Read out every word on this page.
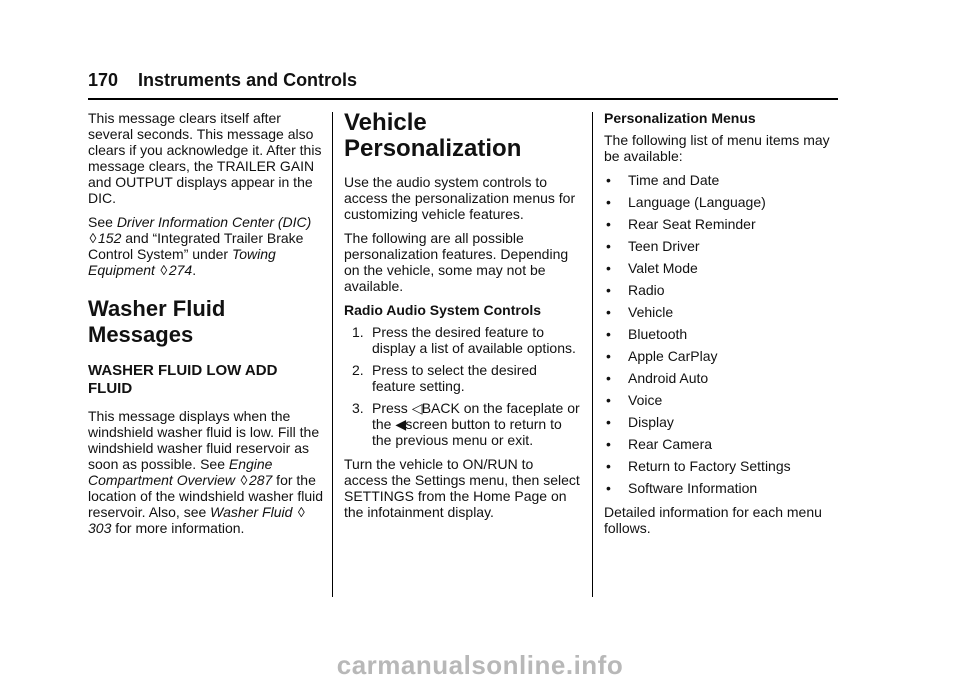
170 Instruments and Controls

This message clears itself after several seconds. This message also clears if you acknowledge it. After this message clears, the TRAILER GAIN and OUTPUT displays appear in the DIC.

See Driver Information Center (DIC)
◊ 152 and “Integrated Trailer Brake Control System” under Towing Equipment ◊ 274.

Washer Fluid Messages
WASHER FLUID LOW ADD FLUID

This message displays when the windshield washer fluid is low. Fill the windshield washer fluid reservoir as soon as possible. See Engine Compartment Overview ◊ 287 for the location of the windshield washer fluid reservoir. Also, see Washer Fluid ◊303 for more information.

Vehicle Personalization

Use the audio system controls to access the personalization menus for customizing vehicle features.

The following are all possible personalization features. Depending on the vehicle, some may not be available.

Radio Audio System Controls

1. Press the desired feature to display a list of available options.
2. Press to select the desired feature setting.
3. Press ◁BACK on the faceplate or the ◀screen button to return to the previous menu or exit.

Turn the vehicle to ON/RUN to access the Settings menu, then select SETTINGS from the Home Page on the infotainment display.

Personalization Menus

The following list of menu items may be available:

• Time and Date
• Language (Language)
• Rear Seat Reminder
• Teen Driver
• Valet Mode
• Radio
• Vehicle
• Bluetooth
• Apple CarPlay
• Android Auto
• Voice
• Display
• Rear Camera
• Return to Factory Settings
• Software Information

Detailed information for each menu follows.

carmanualsonline.info
